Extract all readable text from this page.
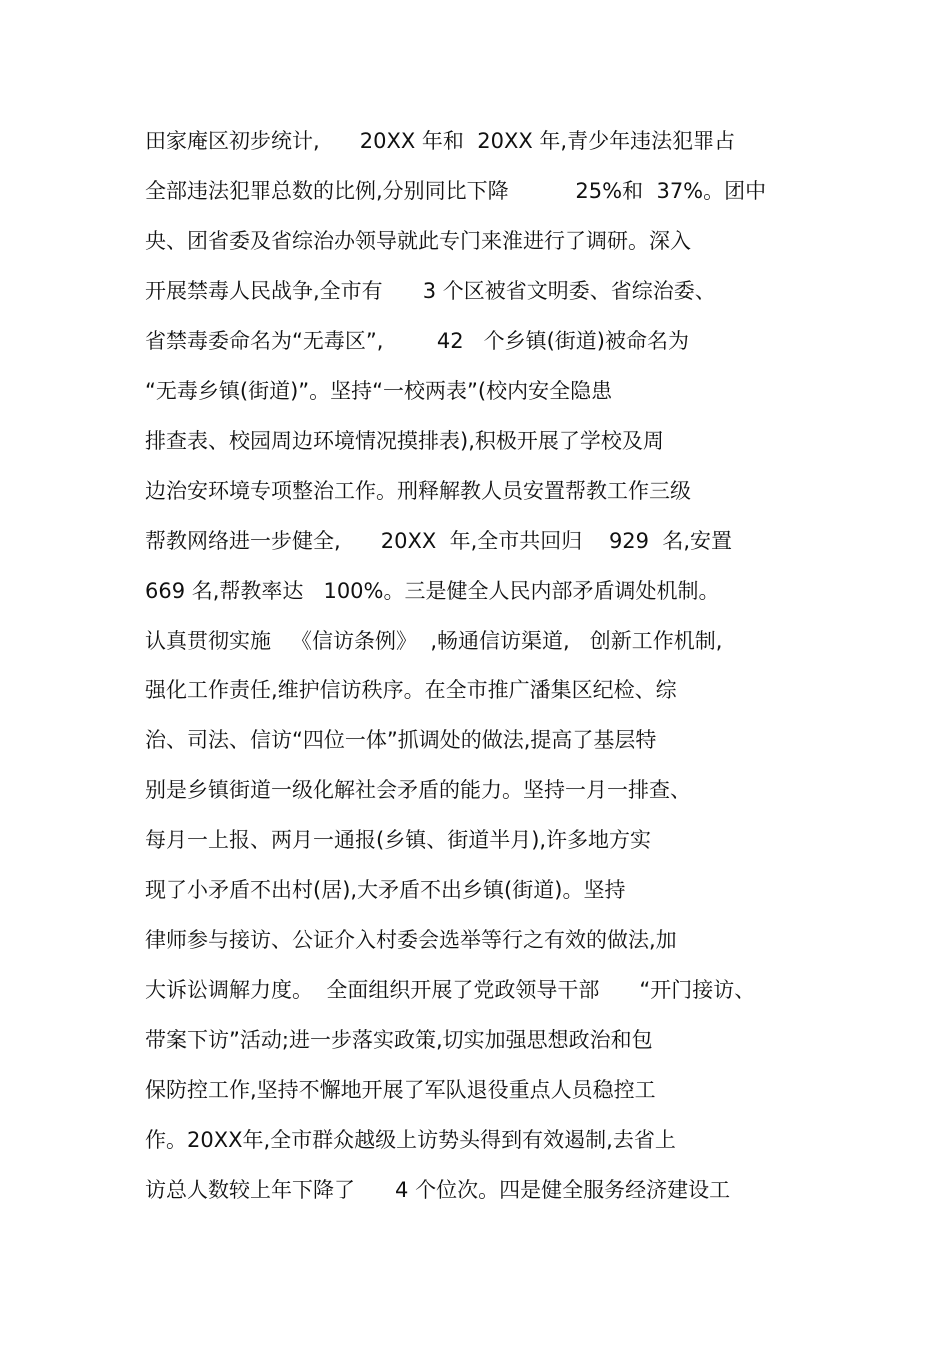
田家庵区初步统计,      20XX 年和  20XX 年,青少年违法犯罪占
全部违法犯罪总数的比例,分别同比下降          25%和  37%。团中
央、团省委及省综治办领导就此专门来淮进行了调研。深入
开展禁毒人民战争,全市有      3 个区被省文明委、省综治委、
省禁毒委命名为“无毒区”,        42   个乡镇(街道)被命名为
“无毒乡镇(街道)”。坚持“一校两表”(校内安全隐患
排查表、校园周边环境情况摸排表),积极开展了学校及周
边治安环境专项整治工作。刑释解教人员安置帮教工作三级
帮教网络进一步健全,      20XX  年,全市共回归    929  名,安置
669 名,帮教率达   100%。三是健全人民内部矛盾调处机制。
认真贯彻实施   《信访条例》  ,畅通信访渠道,   创新工作机制,
强化工作责任,维护信访秩序。在全市推广潘集区纪检、综
治、司法、信访“四位一体”抓调处的做法,提高了基层特
别是乡镇街道一级化解社会矛盾的能力。坚持一月一排查、
每月一上报、两月一通报(乡镇、街道半月),许多地方实
现了小矛盾不出村(居),大矛盾不出乡镇(街道)。坚持
律师参与接访、公证介入村委会选举等行之有效的做法,加
大诉讼调解力度。  全面组织开展了党政领导干部      “开门接访、
带案下访”活动;进一步落实政策,切实加强思想政治和包
保防控工作,坚持不懈地开展了军队退役重点人员稳控工
作。20XX年,全市群众越级上访势头得到有效遏制,去省上
访总人数较上年下降了      4 个位次。四是健全服务经济建设工
